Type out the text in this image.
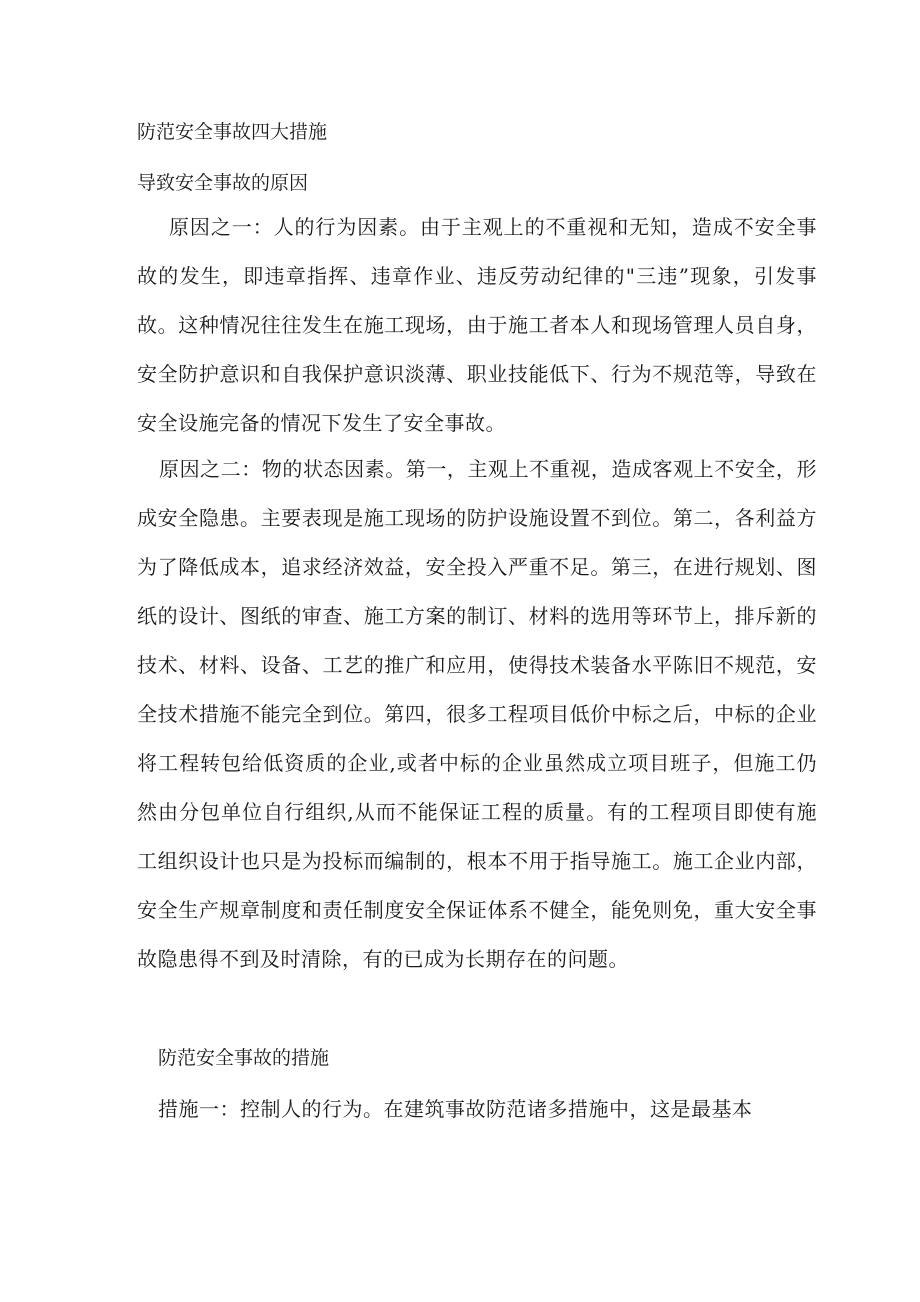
防范安全事故四大措施
导致安全事故的原因

原因之一：人的行为因素。由于主观上的不重视和无知，造成不安全事故的发生，即违章指挥、违章作业、违反劳动纪律的"三违”现象，引发事故。这种情况往往发生在施工现场，由于施工者本人和现场管理人员自身，安全防护意识和自我保护意识淡薄、职业技能低下、行为不规范等，导致在安全设施完备的情况下发生了安全事故。

原因之二：物的状态因素。第一，主观上不重视，造成客观上不安全，形成安全隐患。主要表现是施工现场的防护设施设置不到位。第二，各利益方为了降低成本，追求经济效益，安全投入严重不足。第三，在进行规划、图纸的设计、图纸的审查、施工方案的制订、材料的选用等环节上，排斥新的技术、材料、设备、工艺的推广和应用，使得技术装备水平陈旧不规范，安全技术措施不能完全到位。第四，很多工程项目低价中标之后，中标的企业将工程转包给低资质的企业,或者中标的企业虽然成立项目班子，但施工仍然由分包单位自行组织,从而不能保证工程的质量。有的工程项目即使有施工组织设计也只是为投标而编制的，根本不用于指导施工。施工企业内部，安全生产规章制度和责任制度安全保证体系不健全，能免则免，重大安全事故隐患得不到及时清除，有的已成为长期存在的问题。

防范安全事故的措施

措施一：控制人的行为。在建筑事故防范诸多措施中，这是最基本
